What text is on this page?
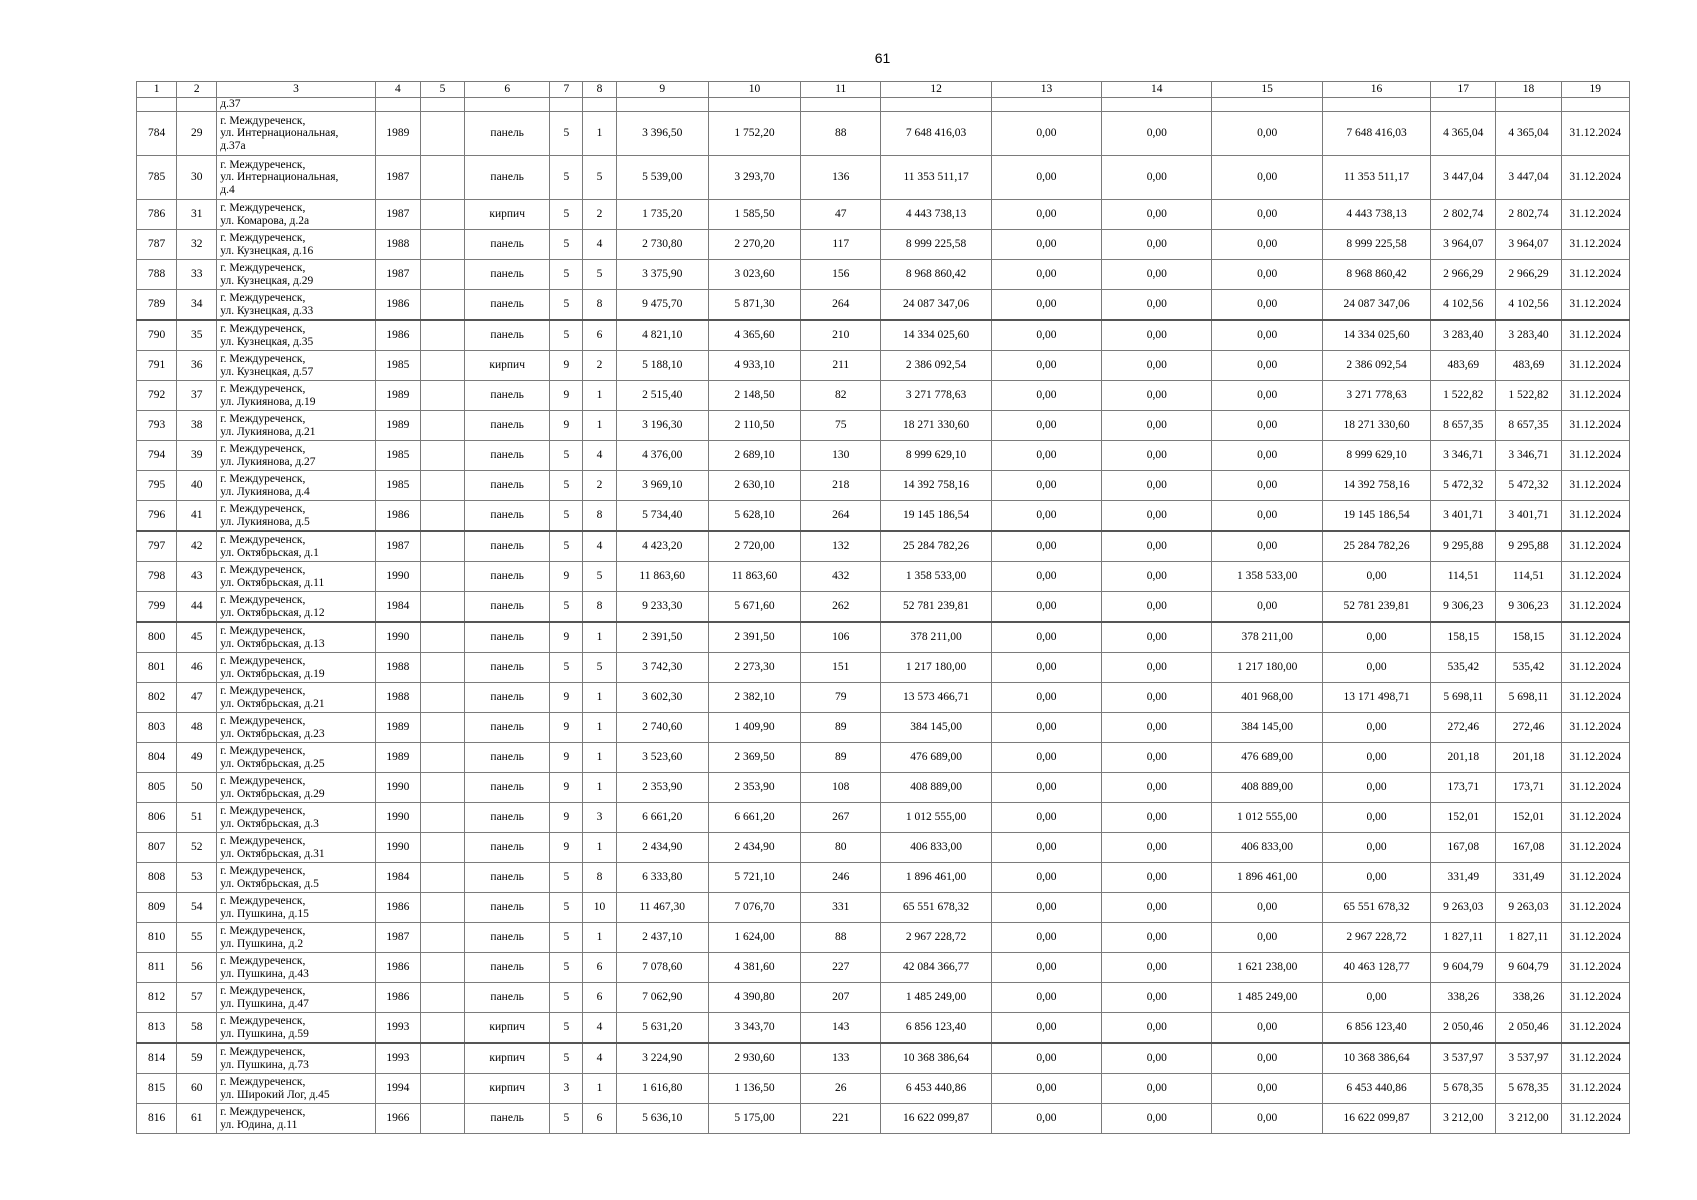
61
1	2	3	4	5	6	7	8	9	10	11	12	13	14	15	16	17	18	19
		д.37																
784	29	г. Междуреченск,
ул. Интернациональная,
д.37а	1989		панель	5	1	3 396,50	1 752,20	88	7 648 416,03	0,00	0,00	0,00	7 648 416,03	4 365,04	4 365,04	31.12.2024
785	30	г. Междуреченск,
ул. Интернациональная,
д.4	1987		панель	5	5	5 539,00	3 293,70	136	11 353 511,17	0,00	0,00	0,00	11 353 511,17	3 447,04	3 447,04	31.12.2024
786	31	г. Междуреченск,
ул. Комарова, д.2а	1987		кирпич	5	2	1 735,20	1 585,50	47	4 443 738,13	0,00	0,00	0,00	4 443 738,13	2 802,74	2 802,74	31.12.2024
787	32	г. Междуреченск,
ул. Кузнецкая, д.16	1988		панель	5	4	2 730,80	2 270,20	117	8 999 225,58	0,00	0,00	0,00	8 999 225,58	3 964,07	3 964,07	31.12.2024
788	33	г. Междуреченск,
ул. Кузнецкая, д.29	1987		панель	5	5	3 375,90	3 023,60	156	8 968 860,42	0,00	0,00	0,00	8 968 860,42	2 966,29	2 966,29	31.12.2024
789	34	г. Междуреченск,
ул. Кузнецкая, д.33	1986		панель	5	8	9 475,70	5 871,30	264	24 087 347,06	0,00	0,00	0,00	24 087 347,06	4 102,56	4 102,56	31.12.2024
790	35	г. Междуреченск,
ул. Кузнецкая, д.35	1986		панель	5	6	4 821,10	4 365,60	210	14 334 025,60	0,00	0,00	0,00	14 334 025,60	3 283,40	3 283,40	31.12.2024
791	36	г. Междуреченск,
ул. Кузнецкая, д.57	1985		кирпич	9	2	5 188,10	4 933,10	211	2 386 092,54	0,00	0,00	0,00	2 386 092,54	483,69	483,69	31.12.2024
792	37	г. Междуреченск,
ул. Лукиянова, д.19	1989		панель	9	1	2 515,40	2 148,50	82	3 271 778,63	0,00	0,00	0,00	3 271 778,63	1 522,82	1 522,82	31.12.2024
793	38	г. Междуреченск,
ул. Лукиянова, д.21	1989		панель	9	1	3 196,30	2 110,50	75	18 271 330,60	0,00	0,00	0,00	18 271 330,60	8 657,35	8 657,35	31.12.2024
794	39	г. Междуреченск,
ул. Лукиянова, д.27	1985		панель	5	4	4 376,00	2 689,10	130	8 999 629,10	0,00	0,00	0,00	8 999 629,10	3 346,71	3 346,71	31.12.2024
795	40	г. Междуреченск,
ул. Лукиянова, д.4	1985		панель	5	2	3 969,10	2 630,10	218	14 392 758,16	0,00	0,00	0,00	14 392 758,16	5 472,32	5 472,32	31.12.2024
796	41	г. Междуреченск,
ул. Лукиянова, д.5	1986		панель	5	8	5 734,40	5 628,10	264	19 145 186,54	0,00	0,00	0,00	19 145 186,54	3 401,71	3 401,71	31.12.2024
797	42	г. Междуреченск,
ул. Октябрьская, д.1	1987		панель	5	4	4 423,20	2 720,00	132	25 284 782,26	0,00	0,00	0,00	25 284 782,26	9 295,88	9 295,88	31.12.2024
798	43	г. Междуреченск,
ул. Октябрьская, д.11	1990		панель	9	5	11 863,60	11 863,60	432	1 358 533,00	0,00	0,00	1 358 533,00	0,00	114,51	114,51	31.12.2024
799	44	г. Междуреченск,
ул. Октябрьская, д.12	1984		панель	5	8	9 233,30	5 671,60	262	52 781 239,81	0,00	0,00	0,00	52 781 239,81	9 306,23	9 306,23	31.12.2024
800	45	г. Междуреченск,
ул. Октябрьская, д.13	1990		панель	9	1	2 391,50	2 391,50	106	378 211,00	0,00	0,00	378 211,00	0,00	158,15	158,15	31.12.2024
801	46	г. Междуреченск,
ул. Октябрьская, д.19	1988		панель	5	5	3 742,30	2 273,30	151	1 217 180,00	0,00	0,00	1 217 180,00	0,00	535,42	535,42	31.12.2024
802	47	г. Междуреченск,
ул. Октябрьская, д.21	1988		панель	9	1	3 602,30	2 382,10	79	13 573 466,71	0,00	0,00	401 968,00	13 171 498,71	5 698,11	5 698,11	31.12.2024
803	48	г. Междуреченск,
ул. Октябрьская, д.23	1989		панель	9	1	2 740,60	1 409,90	89	384 145,00	0,00	0,00	384 145,00	0,00	272,46	272,46	31.12.2024
804	49	г. Междуреченск,
ул. Октябрьская, д.25	1989		панель	9	1	3 523,60	2 369,50	89	476 689,00	0,00	0,00	476 689,00	0,00	201,18	201,18	31.12.2024
805	50	г. Междуреченск,
ул. Октябрьская, д.29	1990		панель	9	1	2 353,90	2 353,90	108	408 889,00	0,00	0,00	408 889,00	0,00	173,71	173,71	31.12.2024
806	51	г. Междуреченск,
ул. Октябрьская, д.3	1990		панель	9	3	6 661,20	6 661,20	267	1 012 555,00	0,00	0,00	1 012 555,00	0,00	152,01	152,01	31.12.2024
807	52	г. Междуреченск,
ул. Октябрьская, д.31	1990		панель	9	1	2 434,90	2 434,90	80	406 833,00	0,00	0,00	406 833,00	0,00	167,08	167,08	31.12.2024
808	53	г. Междуреченск,
ул. Октябрьская, д.5	1984		панель	5	8	6 333,80	5 721,10	246	1 896 461,00	0,00	0,00	1 896 461,00	0,00	331,49	331,49	31.12.2024
809	54	г. Междуреченск,
ул. Пушкина, д.15	1986		панель	5	10	11 467,30	7 076,70	331	65 551 678,32	0,00	0,00	0,00	65 551 678,32	9 263,03	9 263,03	31.12.2024
810	55	г. Междуреченск,
ул. Пушкина, д.2	1987		панель	5	1	2 437,10	1 624,00	88	2 967 228,72	0,00	0,00	0,00	2 967 228,72	1 827,11	1 827,11	31.12.2024
811	56	г. Междуреченск,
ул. Пушкина, д.43	1986		панель	5	6	7 078,60	4 381,60	227	42 084 366,77	0,00	0,00	1 621 238,00	40 463 128,77	9 604,79	9 604,79	31.12.2024
812	57	г. Междуреченск,
ул. Пушкина, д.47	1986		панель	5	6	7 062,90	4 390,80	207	1 485 249,00	0,00	0,00	1 485 249,00	0,00	338,26	338,26	31.12.2024
813	58	г. Междуреченск,
ул. Пушкина, д.59	1993		кирпич	5	4	5 631,20	3 343,70	143	6 856 123,40	0,00	0,00	0,00	6 856 123,40	2 050,46	2 050,46	31.12.2024
814	59	г. Междуреченск,
ул. Пушкина, д.73	1993		кирпич	5	4	3 224,90	2 930,60	133	10 368 386,64	0,00	0,00	0,00	10 368 386,64	3 537,97	3 537,97	31.12.2024
815	60	г. Междуреченск,
ул. Широкий Лог, д.45	1994		кирпич	3	1	1 616,80	1 136,50	26	6 453 440,86	0,00	0,00	0,00	6 453 440,86	5 678,35	5 678,35	31.12.2024
816	61	г. Междуреченск,
ул. Юдина, д.11	1966		панель	5	6	5 636,10	5 175,00	221	16 622 099,87	0,00	0,00	0,00	16 622 099,87	3 212,00	3 212,00	31.12.2024
